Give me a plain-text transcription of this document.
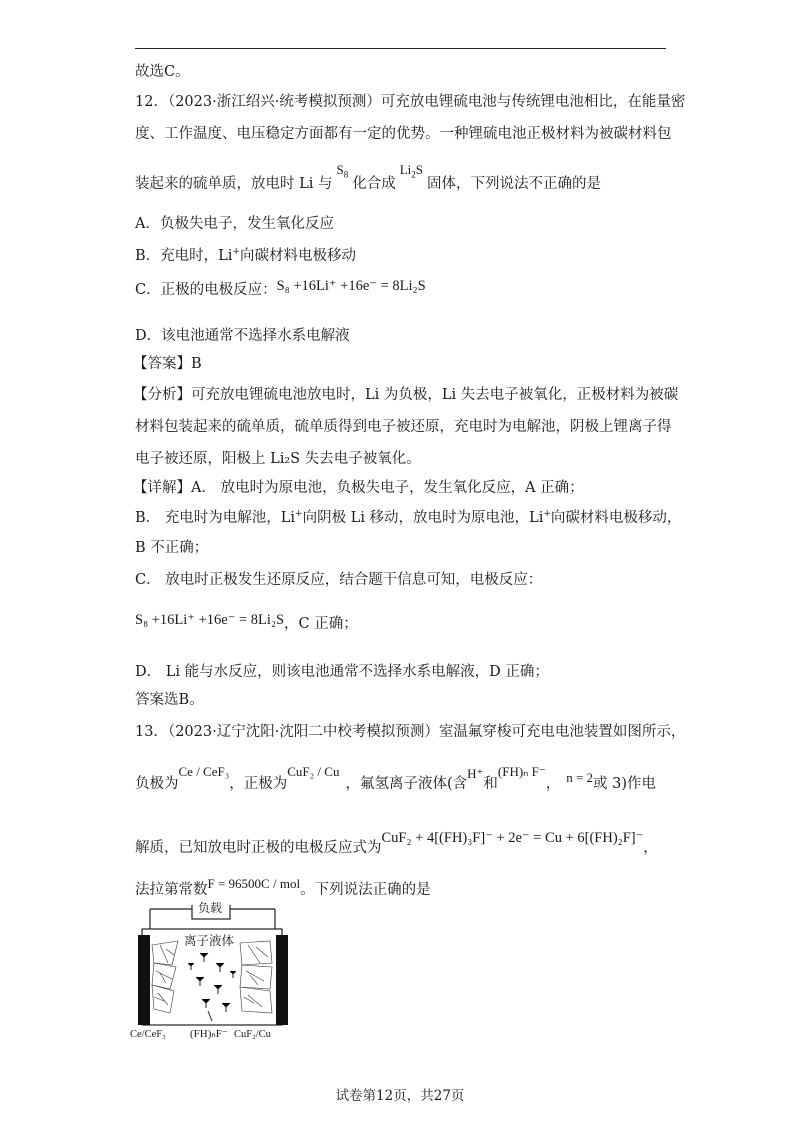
故选C。
12．（2023·浙江绍兴·统考模拟预测）可充放电锂硫电池与传统锂电池相比，在能量密
度、工作温度、电压稳定方面都有一定的优势。一种锂硫电池正极材料为被碳材料包
装起来的硫单质，放电时 Li 与$S_8$化合成$Li_2S$固体，下列说法不正确的是
A．负极失电子，发生氧化反应
B．充电时，Li+向碳材料电极移动
C．正极的电极反应：S₈ +16Li⁺ +16e⁻ = 8Li₂S
D．该电池通常不选择水系电解液
【答案】B
【分析】可充放电锂硫电池放电时，Li 为负极，Li 失去电子被氧化，正极材料为被碳
材料包装起来的硫单质，硫单质得到电子被还原，充电时为电解池，阴极上锂离子得
电子被还原，阳极上 Li₂S 失去电子被氧化。
【详解】A． 放电时为原电池，负极失电子，发生氧化反应，A 正确；
B． 充电时为电解池，Li+向阴极 Li 移动，放电时为原电池，Li+向碳材料电极移动，
B 不正确；
C． 放电时正极发生还原反应，结合题干信息可知，电极反应：
S₈ +16Li⁺ +16e⁻ = 8Li₂S，C 正确；
D． Li 能与水反应，则该电池通常不选择水系电解液，D 正确；
答案选B。
13．（2023·辽宁沈阳·沈阳二中校考模拟预测）室温氟穿梭可充电电池装置如图所示，
负极为Ce / CeF₃，正极为CuF₂ / Cu，氟氢离子液体(含H⁺和(FH)ₙ F⁻， n = 2或 3)作电
解质，已知放电时正极的电极反应式为CuF₂ + 4[(FH)₃F]⁻ + 2e⁻ = Cu + 6[(FH)₂F]⁻，
法拉第常数F = 96500C / mol。下列说法正确的是
负载
离子液体
Ce/CeF₃ (FH)ₙF⁻ CuF₂/Cu
试卷第12页，共27页
